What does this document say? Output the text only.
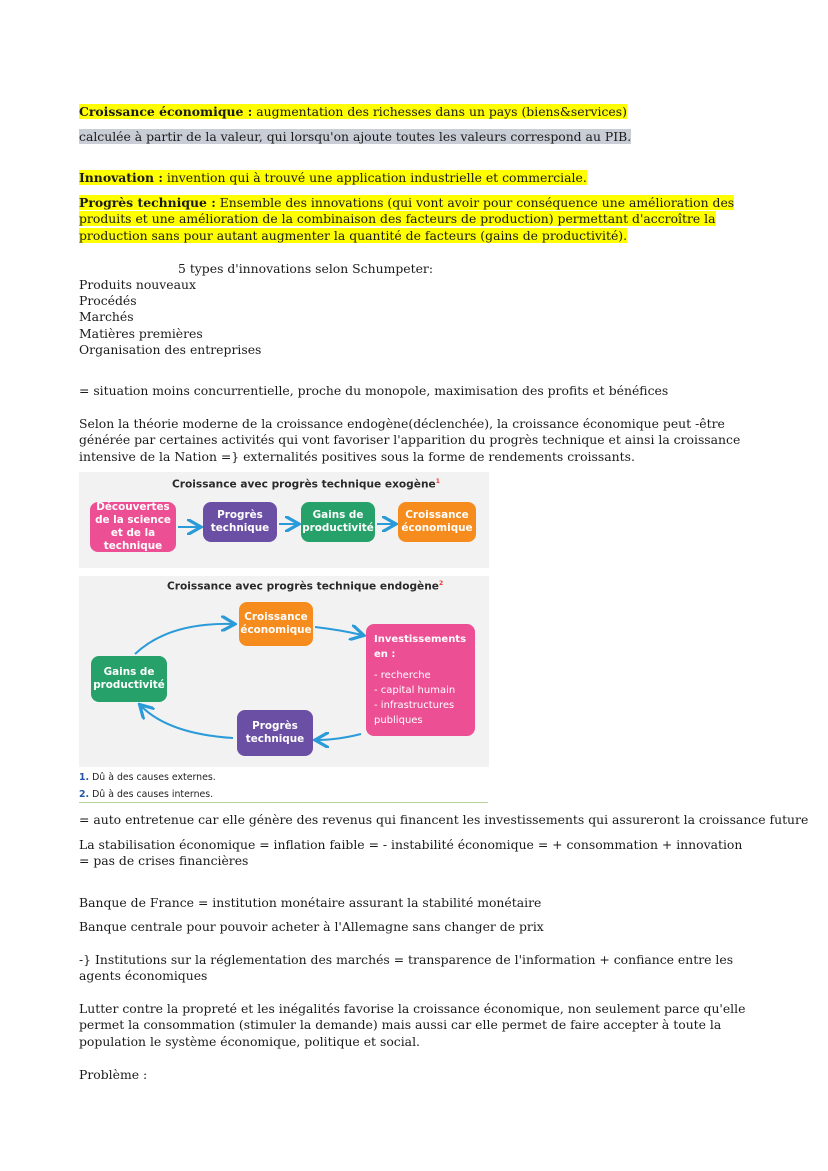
Croissance économique : augmentation des richesses dans un pays (biens&services)
calculée à partir de la valeur, qui lorsqu'on ajoute toutes les valeurs correspond au PIB.
Innovation : invention qui à trouvé une application industrielle et commerciale.
Progrès technique : Ensemble des innovations (qui vont avoir pour conséquence une amélioration des produits et une amélioration de la combinaison des facteurs de production) permettant d'accroître la production sans pour autant augmenter la quantité de facteurs (gains de productivité).
5 types d'innovations selon Schumpeter:
Produits nouveaux
Procédés
Marchés
Matières premières
Organisation des entreprises
= situation moins concurrentielle, proche du monopole, maximisation des profits et bénéfices
Selon la théorie moderne de la croissance endogène(déclenchée), la croissance économique peut -être générée par certaines activités qui vont favoriser l'apparition du progrès technique et ainsi la croissance intensive de la Nation =} externalités positives sous la forme de rendements croissants.
Croissance avec progrès technique exogène$^1$
Découvertes de la science et de la technique
Progrès technique
Gains de productivité
Croissance économique
Croissance avec progrès technique endogène$^2$
Croissance économique
Investissements en :
- recherche
- capital humain
- infrastructures publiques
Progrès technique
Gains de productivité
1. Dû à des causes externes.
2. Dû à des causes internes.
= auto entretenue car elle génère des revenus qui financent les investissements qui assureront la croissance future
La stabilisation économique = inflation faible = - instabilité économique = + consommation + innovation = pas de crises financières
Banque de France = institution monétaire assurant la stabilité monétaire
Banque centrale pour pouvoir acheter à l'Allemagne sans changer de prix
-} Institutions sur la réglementation des marchés = transparence de l'information + confiance entre les agents économiques
Lutter contre la propreté et les inégalités favorise la croissance économique, non seulement parce qu'elle permet la consommation (stimuler la demande) mais aussi car elle permet de faire accepter à toute la population le système économique, politique et social.
Problème :
